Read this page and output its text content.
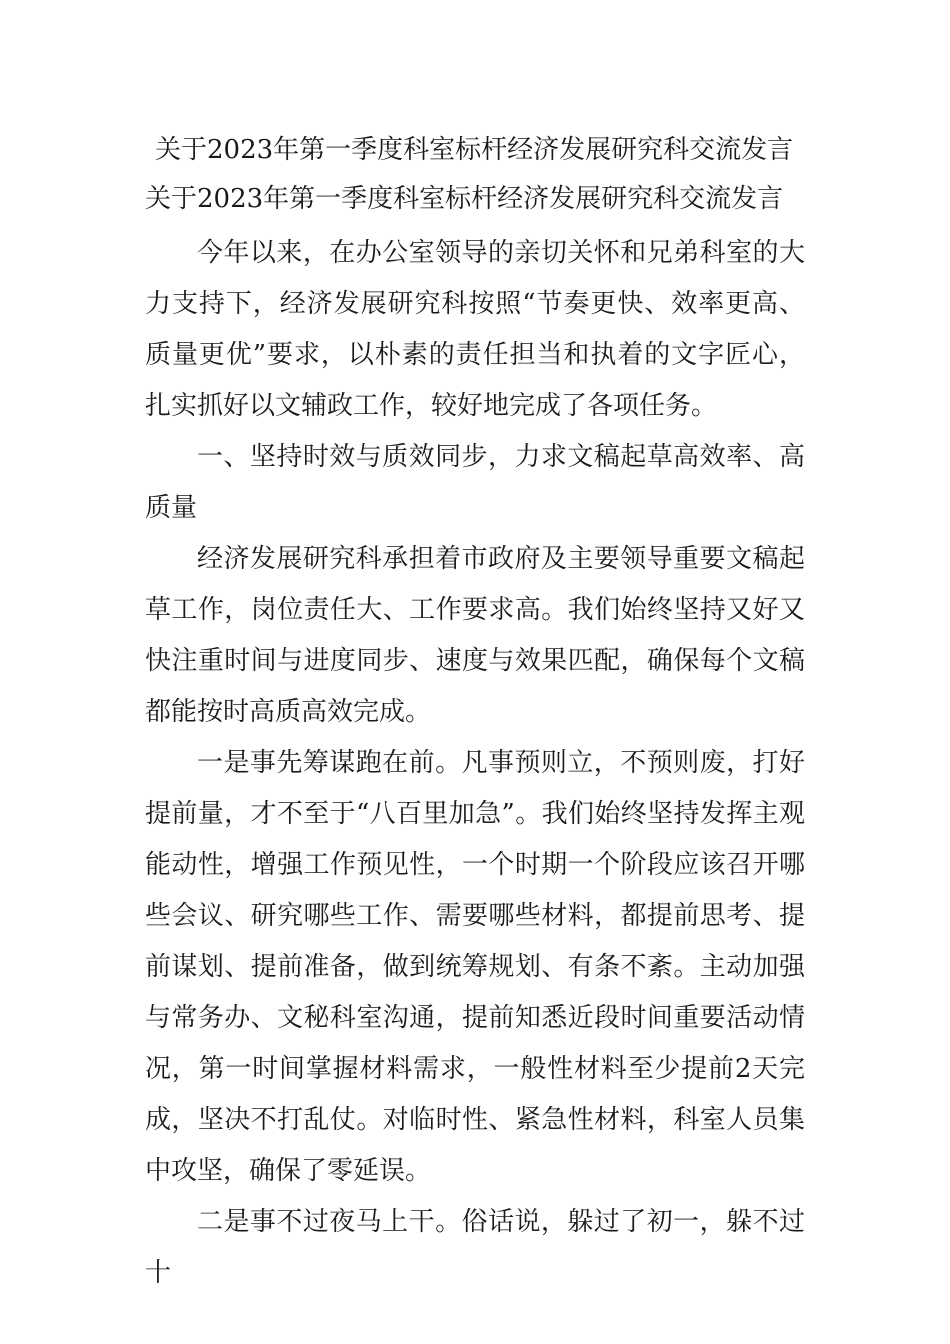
关于2023年第一季度科室标杆经济发展研究科交流发言
关于2023年第一季度科室标杆经济发展研究科交流发言

今年以来，在办公室领导的亲切关怀和兄弟科室的大力支持下，经济发展研究科按照“节奏更快、效率更高、质量更优”要求，以朴素的责任担当和执着的文字匠心，扎实抓好以文辅政工作，较好地完成了各项任务。

一、坚持时效与质效同步，力求文稿起草高效率、高质量

经济发展研究科承担着市政府及主要领导重要文稿起草工作，岗位责任大、工作要求高。我们始终坚持又好又快注重时间与进度同步、速度与效果匹配，确保每个文稿都能按时高质高效完成。

一是事先筹谋跑在前。凡事预则立，不预则废，打好提前量，才不至于“八百里加急”。我们始终坚持发挥主观能动性，增强工作预见性，一个时期一个阶段应该召开哪些会议、研究哪些工作、需要哪些材料，都提前思考、提前谋划、提前准备，做到统筹规划、有条不紊。主动加强与常务办、文秘科室沟通，提前知悉近段时间重要活动情况，第一时间掌握材料需求，一般性材料至少提前2天完成，坚决不打乱仗。对临时性、紧急性材料，科室人员集中攻坚，确保了零延误。

二是事不过夜马上干。俗话说，躲过了初一，躲不过十
